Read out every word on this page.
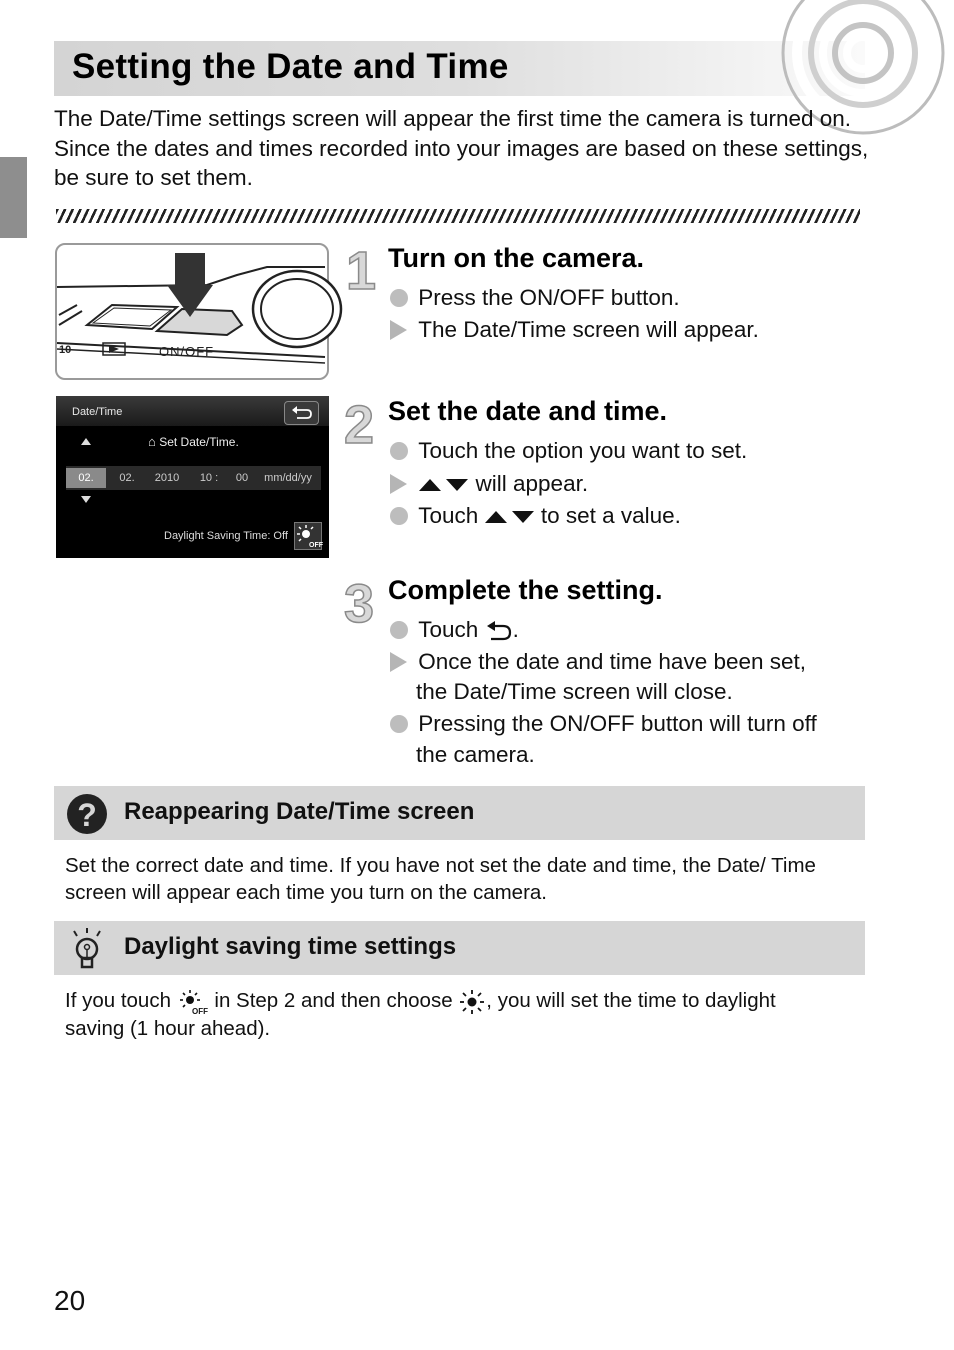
Setting the Date and Time
The Date/Time settings screen will appear the first time the camera is turned on. Since the dates and times recorded into your images are based on these settings, be sure to set them.
10	ON/OFF
Date/Time
⌂ Set Date/Time.
02.	02.	2010	10 :	00	mm/dd/yy
Daylight Saving Time: Off
OFF
1 Turn on the camera.
Press the ON/OFF button.
The Date/Time screen will appear.
2 Set the date and time.
Touch the option you want to set.
will appear.
Touch  to set a value.
3 Complete the setting.
Touch .
Once the date and time have been set,
the Date/Time screen will close.
Pressing the ON/OFF button will turn off
the camera.
? Reappearing Date/Time screen
Set the correct date and time. If you have not set the date and time, the Date/ Time screen will appear each time you turn on the camera.
Daylight saving time settings
If you touch OFF in Step 2 and then choose , you will set the time to daylight
saving (1 hour ahead).
20
